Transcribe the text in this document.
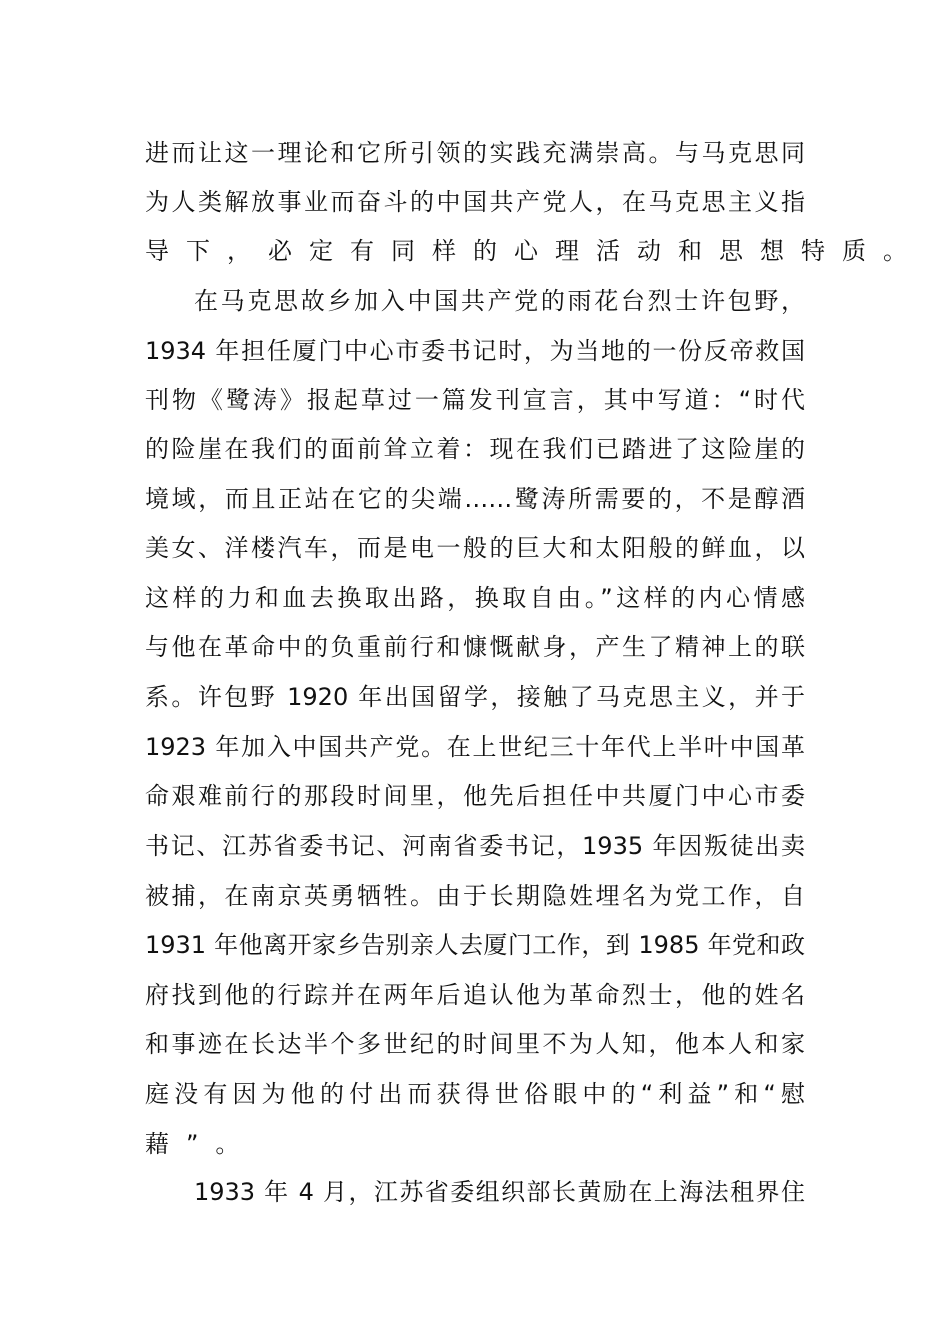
进而让这一理论和它所引领的实践充满崇高。与马克思同
为人类解放事业而奋斗的中国共产党人，在马克思主义指
导下，必定有同样的心理活动和思想特质。
在马克思故乡加入中国共产党的雨花台烈士许包野，
1934 年担任厦门中心市委书记时，为当地的一份反帝救国
刊物《鹭涛》报起草过一篇发刊宣言，其中写道：“时代
的险崖在我们的面前耸立着：现在我们已踏进了这险崖的
境域，而且正站在它的尖端……鹭涛所需要的，不是醇酒
美女、洋楼汽车，而是电一般的巨大和太阳般的鲜血，以
这样的力和血去换取出路，换取自由。”这样的内心情感
与他在革命中的负重前行和慷慨献身，产生了精神上的联
系。许包野 1920 年出国留学，接触了马克思主义，并于
1923 年加入中国共产党。在上世纪三十年代上半叶中国革
命艰难前行的那段时间里，他先后担任中共厦门中心市委
书记、江苏省委书记、河南省委书记，1935 年因叛徒出卖
被捕，在南京英勇牺牲。由于长期隐姓埋名为党工作，自
1931 年他离开家乡告别亲人去厦门工作，到 1985 年党和政
府找到他的行踪并在两年后追认他为革命烈士，他的姓名
和事迹在长达半个多世纪的时间里不为人知，他本人和家
庭没有因为他的付出而获得世俗眼中的“利益”和“慰
藉”。
1933 年 4 月，江苏省委组织部长黄励在上海法租界住
